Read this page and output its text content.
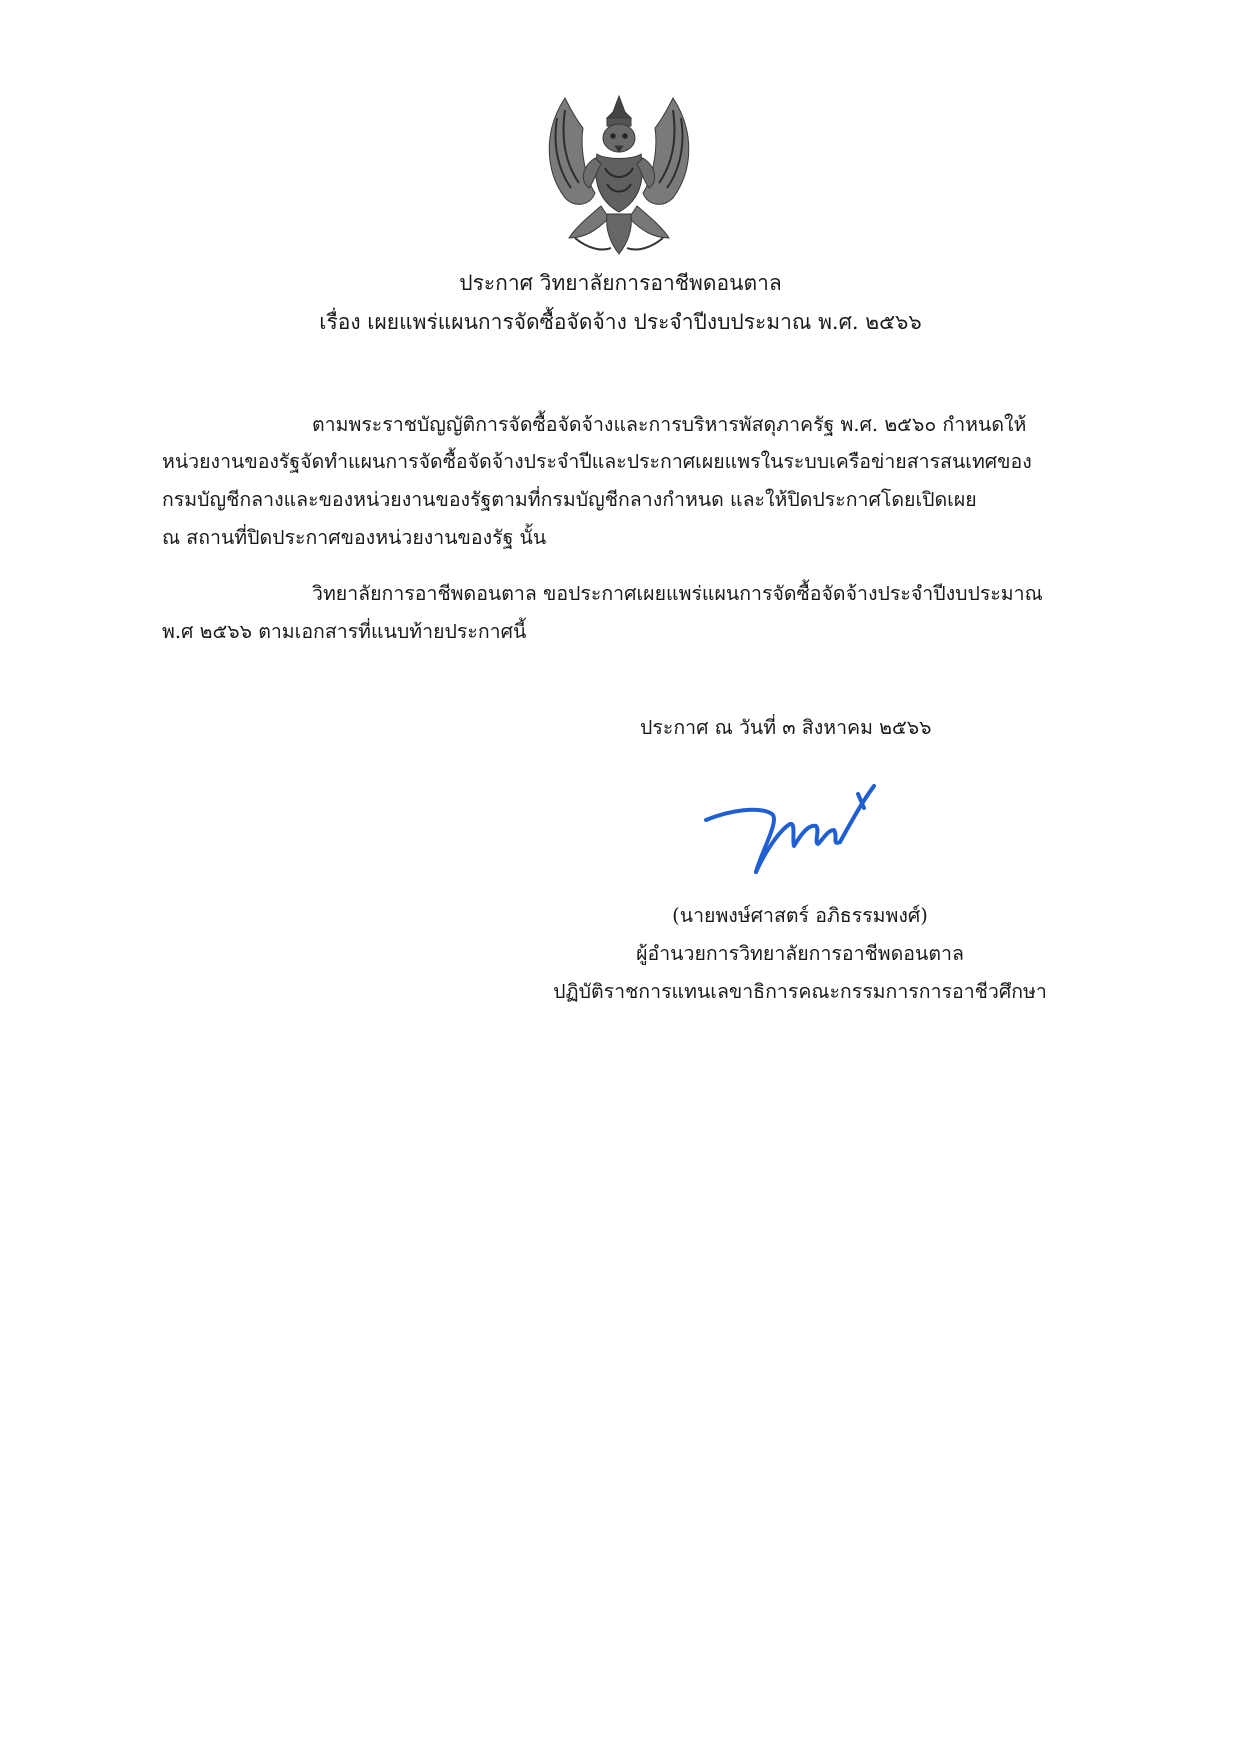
ประกาศ วิทยาลัยการอาชีพดอนตาล
เรื่อง เผยแพร่แผนการจัดซื้อจัดจ้าง ประจำปีงบประมาณ พ.ศ. ๒๕๖๖
ตามพระราชบัญญัติการจัดซื้อจัดจ้างและการบริหารพัสดุภาครัฐ พ.ศ. ๒๕๖๐ กำหนดให้
หน่วยงานของรัฐจัดทำแผนการจัดซื้อจัดจ้างประจำปีและประกาศเผยแพรในระบบเครือข่ายสารสนเทศของ
กรมบัญชีกลางและของหน่วยงานของรัฐตามที่กรมบัญชีกลางกำหนด และให้ปิดประกาศโดยเปิดเผย
ณ สถานที่ปิดประกาศของหน่วยงานของรัฐ นั้น
วิทยาลัยการอาชีพดอนตาล ขอประกาศเผยแพร่แผนการจัดซื้อจัดจ้างประจำปีงบประมาณ
พ.ศ ๒๕๖๖ ตามเอกสารที่แนบท้ายประกาศนี้
ประกาศ ณ วันที่ ๓ สิงหาคม ๒๕๖๖
(นายพงษ์ศาสตร์ อภิธรรมพงศ์)
ผู้อำนวยการวิทยาลัยการอาชีพดอนตาล
ปฏิบัติราชการแทนเลขาธิการคณะกรรมการการอาชีวศึกษา
